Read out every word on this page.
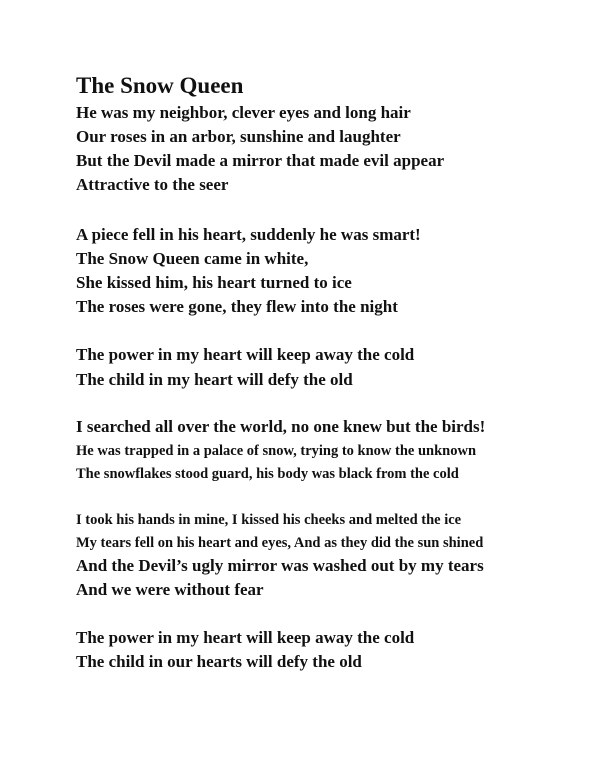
The Snow Queen
He was my neighbor, clever eyes and long hair
Our roses in an arbor, sunshine and laughter
But the Devil made a mirror that made evil appear
Attractive to the seer
A piece fell in his heart, suddenly he was smart!
The Snow Queen came in white,
She kissed him, his heart turned to ice
The roses were gone, they flew into the night
The power in my heart will keep away the cold
The child in my heart will defy the old
I searched all over the world, no one knew but the birds!
He was trapped in a palace of snow, trying to know the unknown
The snowflakes stood guard, his body was black from the cold
I took his hands in mine, I kissed his cheeks and melted the ice
My tears fell on his heart and eyes, And as they did the sun shined
And the Devil’s ugly mirror was washed out by my tears
And we were without fear
The power in my heart will keep away the cold
The child in our hearts will defy the old
